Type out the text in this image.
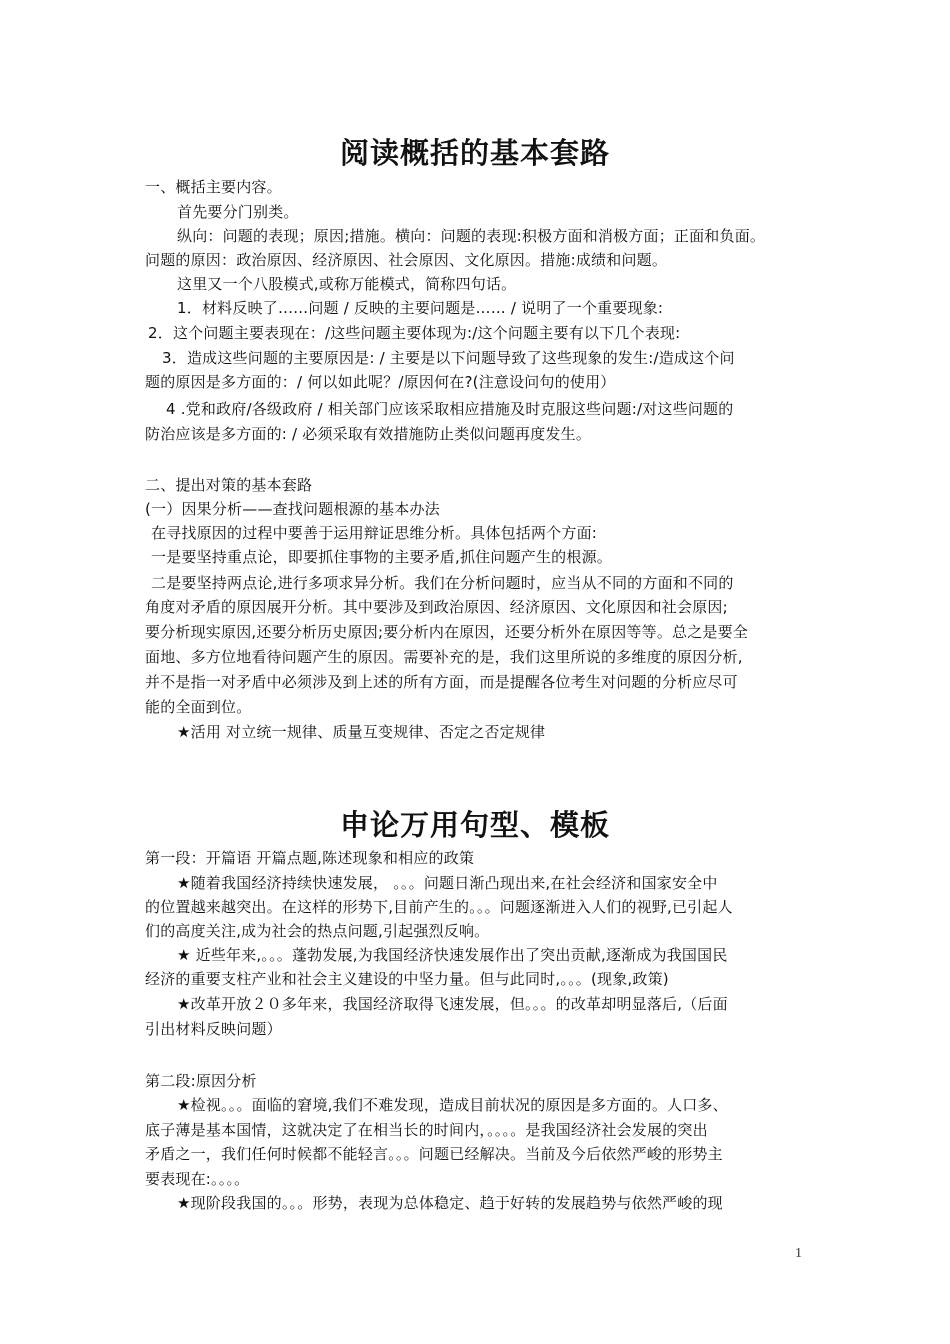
阅读概括的基本套路
一、概括主要内容。
首先要分门别类。
纵向：问题的表现；原因;措施。横向：问题的表现:积极方面和消极方面；正面和负面。
问题的原因：政治原因、经济原因、社会原因、文化原因。措施:成绩和问题。
这里又一个八股模式,或称万能模式，简称四句话。
1．材料反映了……问题 / 反映的主要问题是…… / 说明了一个重要现象:
2．这个问题主要表现在：/这些问题主要体现为:/这个问题主要有以下几个表现:
3．造成这些问题的主要原因是: / 主要是以下问题导致了这些现象的发生:/造成这个问
题的原因是多方面的：/ 何以如此呢？/原因何在?(注意设问句的使用）
4 .党和政府/各级政府 / 相关部门应该采取相应措施及时克服这些问题:/对这些问题的
防治应该是多方面的: / 必须采取有效措施防止类似问题再度发生。
二、提出对策的基本套路
(一）因果分析——查找问题根源的基本办法
在寻找原因的过程中要善于运用辩证思维分析。具体包括两个方面:
一是要坚持重点论，即要抓住事物的主要矛盾,抓住问题产生的根源。
二是要坚持两点论,进行多项求异分析。我们在分析问题时，应当从不同的方面和不同的
角度对矛盾的原因展开分析。其中要涉及到政治原因、经济原因、文化原因和社会原因;
要分析现实原因,还要分析历史原因;要分析内在原因，还要分析外在原因等等。总之是要全
面地、多方位地看待问题产生的原因。需要补充的是，我们这里所说的多维度的原因分析,
并不是指一对矛盾中必须涉及到上述的所有方面，而是提醒各位考生对问题的分析应尽可
能的全面到位。
★活用 对立统一规律、质量互变规律、否定之否定规律
申论万用句型、模板
第一段：开篇语 开篇点题,陈述现象和相应的政策
★随着我国经济持续快速发展， 。。。问题日渐凸现出来,在社会经济和国家安全中
的位置越来越突出。在这样的形势下,目前产生的。。。问题逐渐进入人们的视野,已引起人
们的高度关注,成为社会的热点问题,引起强烈反响。
★ 近些年来,。。。蓬勃发展,为我国经济快速发展作出了突出贡献,逐渐成为我国国民
经济的重要支柱产业和社会主义建设的中坚力量。但与此同时,。。。(现象,政策)
★改革开放２０多年来，我国经济取得飞速发展，但。。。的改革却明显落后,（后面
引出材料反映问题）
第二段:原因分析
★检视。。。面临的窘境,我们不难发现，造成目前状况的原因是多方面的。人口多、
底子薄是基本国情，这就决定了在相当长的时间内，。。。。是我国经济社会发展的突出
矛盾之一，我们任何时候都不能轻言。。。问题已经解决。当前及今后依然严峻的形势主
要表现在:。。。。
★现阶段我国的。。。形势，表现为总体稳定、趋于好转的发展趋势与依然严峻的现
1
